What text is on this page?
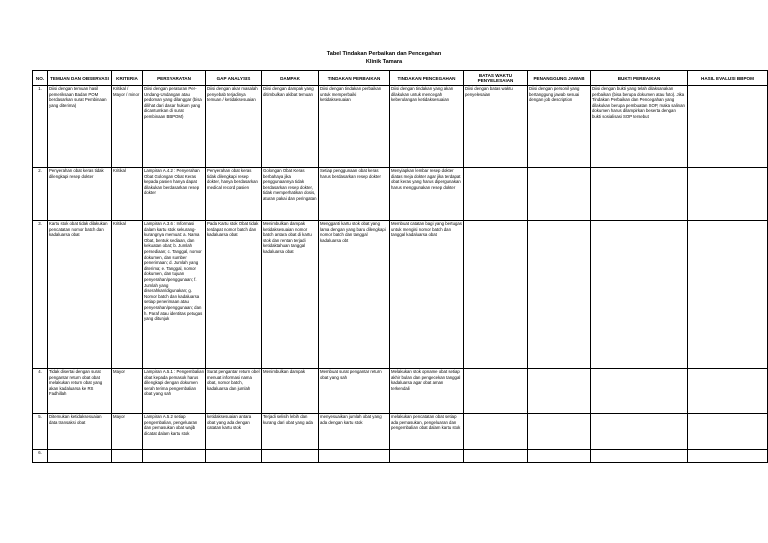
Tabel Tindakan Perbaikan dan Pencegahan
Klinik Tamara
NO.	TEMUAN DAN OBSERVASI	KRITERIA	PERSYARATAN	GAP ANALYSIS	DAMPAK	TINDAKAN PERBAIKAN	TINDAKAN PENCEGAHAN	BATAS WAKTU PENYELESAIAN	PENANGGUNG JAWAB	BUKTI PERBAIKAN	HASIL EVALUSI BBPOM
1.	Diisi dengan temuan hasil pemeriksaan Badan POM berdasarkan surat Pembinaan yang diterima)	Kritikal / Mayor / minor	Diisi dengan peraturan Per-Undang-Undangan atau pedoman yang dilanggar (bisa dilihat dari dasar hukum yang dicantumkan di surat pembinaan BBPOM)	Diisi dengan akar masalah penyebab terjadinya temuan / ketidaksesuaian	Diisi dengan dampak yang ditimbulkan akibat temuan	Diisi dengan tindakan perbaikan untuk memperbaiki ketidaksesuaian	Diisi dengan tindakan yang akan dilakukan untuk mencegah keberulangan ketidaksesuaian	Diisi dengan batas waktu penyelesaian	Diisi dengan personil yang bertanggung jawab sesuai dengan job description	Diisi dengan bukti yang telah dilaksanakan perbaikan (bisa berupa dokumen atau foto). Jika Tindakan Perbaikan dan Pencegahan yang dilakukan berupa pembuatan SOP, maka salinan dokumen harus dilampirkan beserta dengan bukti sosialisasi SOP tersebut	
2.	Penyerahan obat keras tidak dilengkapi resep dokter	Kritikal	Lampiran A.4.2 : Penyerahan Obat Golongan Obat Keras kepada pasien hanya dapat dilakukan berdasarkan resep dokter	Penyerahan obat keras tidak dilengkapi resep dokter, hanya berdasarkan medical record pasien	Golongan Obat Keras berbahaya jika penggunaannya tidak berdasarkan resep dokter, tidak memperhatikan dosis, aturan pakai dan peringatan	Setiap penggunaan obat keras harus berdasarkan resep dokter	Menyiapkan lembar resep dokter diatas meja dokter agar jika terdapat obat keras yang harus dipergunakan harus menggunakan resep dokter				
3.	Kartu stok obat tidak dilakukan pencatatan nomor batch dan kadaluarsa obat	Kritikal	Lampiran A.3.6 : Informasi dalam kartu stok sekurang-kurangnya memuat: a. Nama Obat, bentuk sediaan, dan kekuatan obat; b. Jumlah persediaan; c. Tanggal, nomor dokumen, dan sumber penerimaan; d. Jumlah yang diterima; e. Tanggal, nomor dokumen, dan tujuan penyerahan/penggunaan; f. Jumlah yang diserahkan/digunakan; g. Nomor batch dan kadaluarsa setiap penerimaan atau penyerahan/penggunaan; dan h. Paraf atau identitas petugas yang ditunjuk	Pada Kartu stok Obat tidak terdapat nomor batch dan kadaluarsa obat	Menimbulkan dampak ketidaksesuaian nomor batch antara obat di kartu stok dan rentan terjadi ketidaktahuan tanggal kadaluarsa obat	Mengganti kartu stok obat yang lama dengan yang baru dilengkapi nomor batch dan tanggal kadaluarsa obt	Membuat catatan bagi yang bertugas untuk mengisi nomor batch dan tanggal kadaluarsa obat				
4.	Tidak disertai dengan surat pengantar return obat obat melakukan return obat yang akan kadaluarsa ke RS Fadhillah	Mayor	Lampiran A.5.1 : Pengembalian obat kepada pemasok harus dilengkapi dengan dokumen serah terima pengembalian obat yang sah	Surat pengantar return obel menuat informasi nama obat, nomor batch, kadaluarsa dan jumlah	Menimbulkan dampak	Membuat surat pengantar return obat yang sah	Melakukan stok opname obat setiap akhir bulan dan pengecekan tanggal kadaluarsa agar obat aman terkendali				
5.	Ditemukan ketidaksesuaian data transaksi obat	Mayor	Lampiran A.5.2 setiap pengembalian, pengeluaran dan pemasukan obat wajib dicatat dalam kartu stok	ketidaksesuaian antara obat yang ada dengan catatan kartu stok	Terjadi selisih lebih dan kurang dari obat yang ada	menyesuaikan jumlah obat yang ada dengan kartu stok	melakukan pencatatan obat setiap ada pemasukan, pengeluaran dan pengembalian obat dalam kartu stok				
6.											
